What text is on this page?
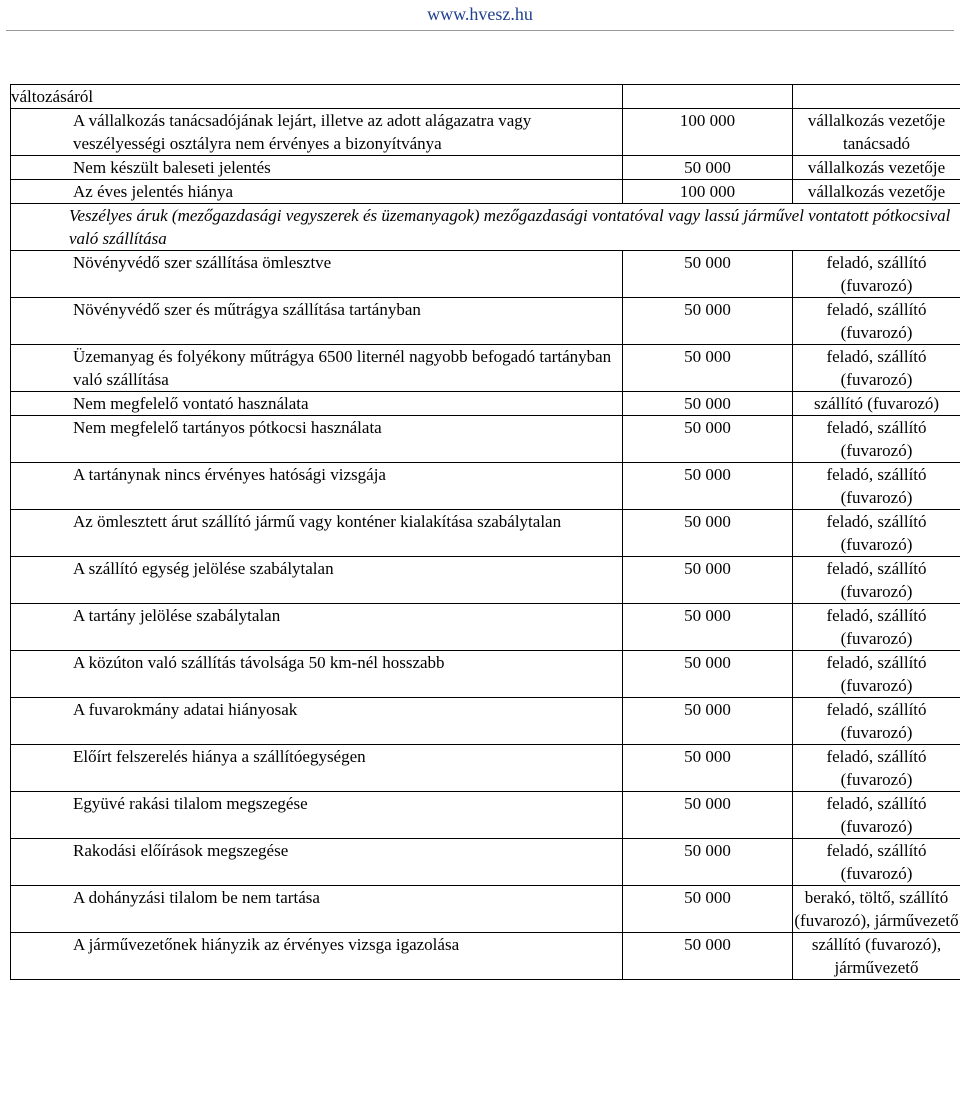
www.hvesz.hu
változásáról		

A vállalkozás tanácsadójának lejárt, illetve az adott alágazatra vagy veszélyességi osztályra nem érvényes a bizonyítványa	100 000	vállalkozás vezetője tanácsadó

Nem készült baleseti jelentés	50 000	vállalkozás vezetője

Az éves jelentés hiánya	100 000	vállalkozás vezetője
Veszélyes áruk (mezőgazdasági vegyszerek és üzemanyagok) mezőgazdasági vontatóval vagy lassú járművel vontatott pótkocsival való szállítása		

Növényvédő szer szállítása ömlesztve	50 000	feladó, szállító (fuvarozó)

Növényvédő szer és műtrágya szállítása tartányban	50 000	feladó, szállító (fuvarozó)

Üzemanyag és folyékony műtrágya 6500 liternél nagyobb befogadó tartányban való szállítása	50 000	feladó, szállító (fuvarozó)

Nem megfelelő vontató használata	50 000	szállító (fuvarozó)

Nem megfelelő tartányos pótkocsi használata	50 000	feladó, szállító (fuvarozó)

A tartánynak nincs érvényes hatósági vizsgája	50 000	feladó, szállító (fuvarozó)

Az ömlesztett árut szállító jármű vagy konténer kialakítása szabálytalan	50 000	feladó, szállító (fuvarozó)

A szállító egység jelölése szabálytalan	50 000	feladó, szállító (fuvarozó)

A tartány jelölése szabálytalan	50 000	feladó, szállító (fuvarozó)

A közúton való szállítás távolsága 50 km-nél hosszabb	50 000	feladó, szállító (fuvarozó)

A fuvarokmány adatai hiányosak	50 000	feladó, szállító (fuvarozó)

Előírt felszerelés hiánya a szállítóegységen	50 000	feladó, szállító (fuvarozó)

Együvé rakási tilalom megszegése	50 000	feladó, szállító (fuvarozó)

Rakodási előírások megszegése	50 000	feladó, szállító (fuvarozó)

A dohányzási tilalom be nem tartása	50 000	berakó, töltő, szállító (fuvarozó), járművezető

A járművezetőnek hiányzik az érvényes vizsga igazolása	50 000	szállító (fuvarozó), járművezető
